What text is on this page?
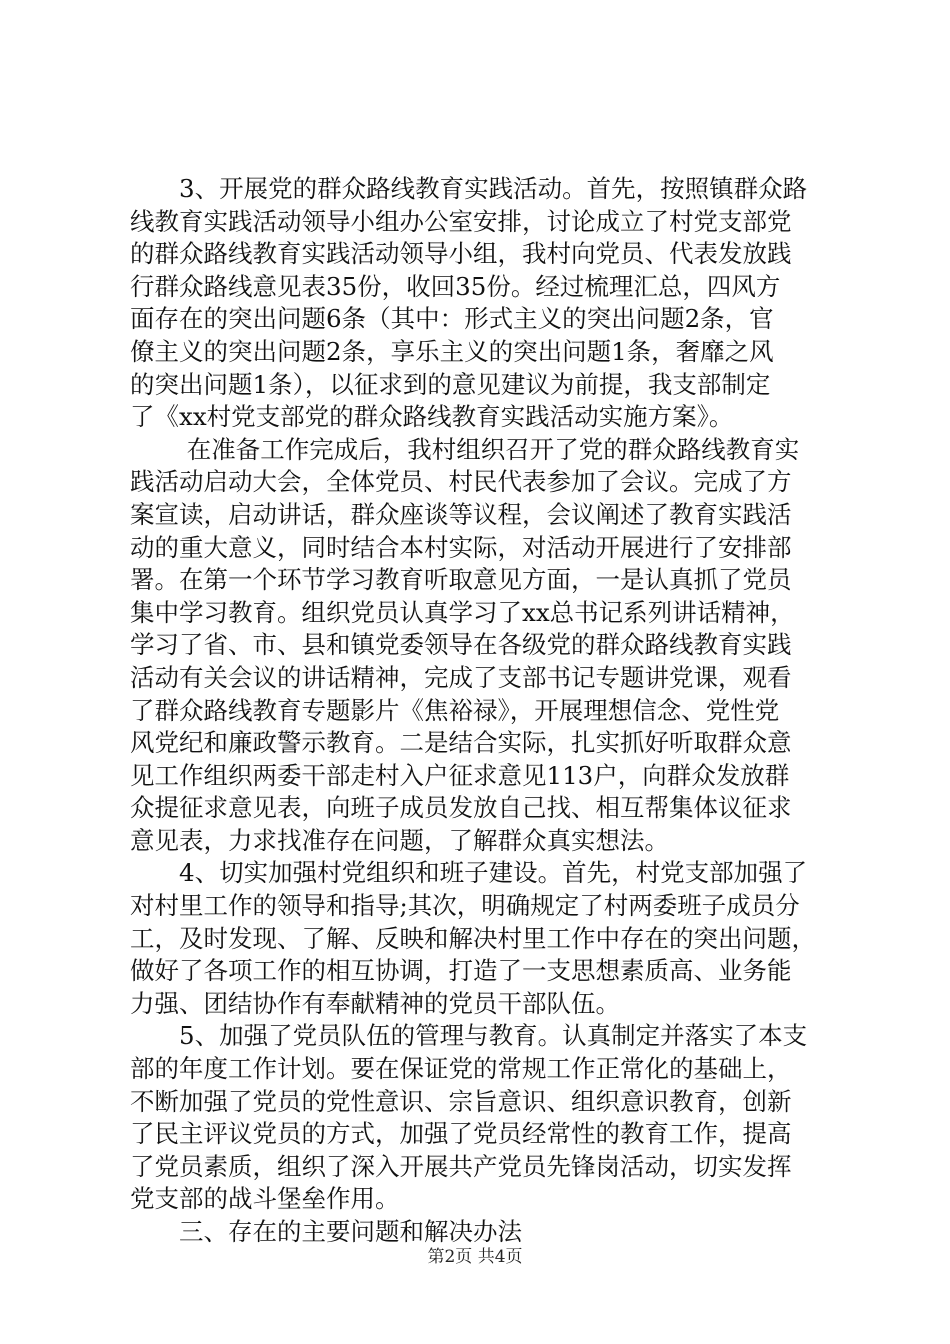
　　3、开展党的群众路线教育实践活动。首先，按照镇群众路
线教育实践活动领导小组办公室安排，讨论成立了村党支部党
的群众路线教育实践活动领导小组，我村向党员、代表发放践
行群众路线意见表35份，收回35份。经过梳理汇总，四风方
面存在的突出问题6条（其中：形式主义的突出问题2条，官
僚主义的突出问题2条，享乐主义的突出问题1条，奢靡之风
的突出问题1条），以征求到的意见建议为前提，我支部制定
了《xx村党支部党的群众路线教育实践活动实施方案》。
　　 在准备工作完成后，我村组织召开了党的群众路线教育实
践活动启动大会，全体党员、村民代表参加了会议。完成了方
案宣读，启动讲话，群众座谈等议程，会议阐述了教育实践活
动的重大意义，同时结合本村实际，对活动开展进行了安排部
署。在第一个环节学习教育听取意见方面，一是认真抓了党员
集中学习教育。组织党员认真学习了xx总书记系列讲话精神，
学习了省、市、县和镇党委领导在各级党的群众路线教育实践
活动有关会议的讲话精神，完成了支部书记专题讲党课，观看
了群众路线教育专题影片《焦裕禄》，开展理想信念、党性党
风党纪和廉政警示教育。二是结合实际，扎实抓好听取群众意
见工作组织两委干部走村入户征求意见113户，向群众发放群
众提征求意见表，向班子成员发放自己找、相互帮集体议征求
意见表，力求找准存在问题，了解群众真实想法。
　　4、切实加强村党组织和班子建设。首先，村党支部加强了
对村里工作的领导和指导;其次，明确规定了村两委班子成员分
工，及时发现、了解、反映和解决村里工作中存在的突出问题，
做好了各项工作的相互协调，打造了一支思想素质高、业务能
力强、团结协作有奉献精神的党员干部队伍。
　　5、加强了党员队伍的管理与教育。认真制定并落实了本支
部的年度工作计划。要在保证党的常规工作正常化的基础上，
不断加强了党员的党性意识、宗旨意识、组织意识教育，创新
了民主评议党员的方式，加强了党员经常性的教育工作，提高
了党员素质，组织了深入开展共产党员先锋岗活动，切实发挥
党支部的战斗堡垒作用。
　　三、存在的主要问题和解决办法
第2页 共4页
